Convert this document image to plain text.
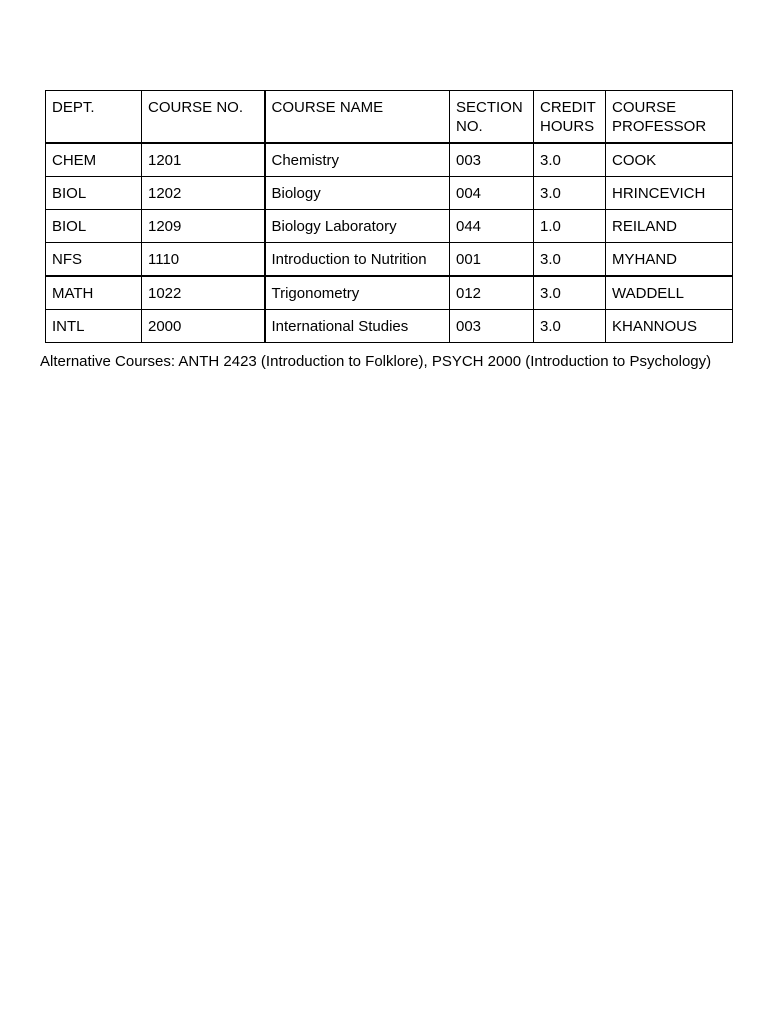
DEPT.	COURSE NO.	COURSE NAME	SECTION NO.	CREDIT HOURS	COURSE PROFESSOR
CHEM	1201	Chemistry	003	3.0	COOK
BIOL	1202	Biology	004	3.0	HRINCEVICH
BIOL	1209	Biology Laboratory	044	1.0	REILAND
NFS	1110	Introduction to Nutrition	001	3.0	MYHAND
MATH	1022	Trigonometry	012	3.0	WADDELL
INTL	2000	International Studies	003	3.0	KHANNOUS
Alternative Courses: ANTH 2423 (Introduction to Folklore), PSYCH 2000 (Introduction to Psychology)
